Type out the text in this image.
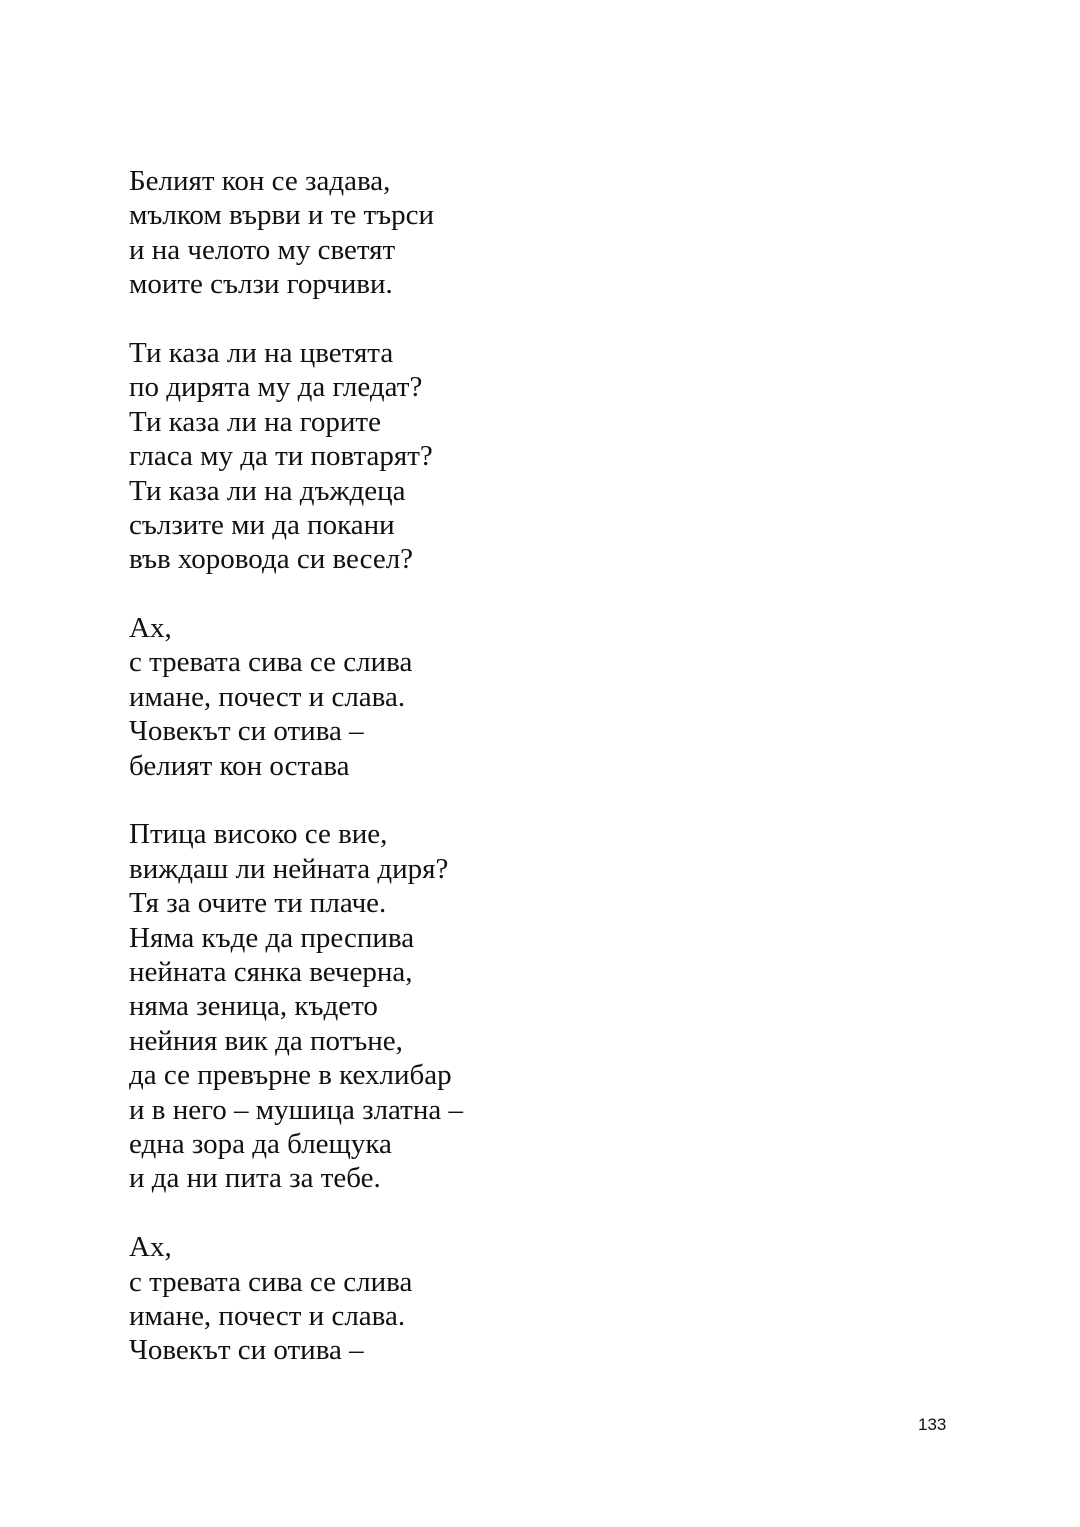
Белият кон се задава,
мълком върви и те търси
и на челото му светят
моите сълзи горчиви.
Ти каза ли на цветята
по дирята му да гледат?
Ти каза ли на горите
гласа му да ти повтарят?
Ти каза ли на дъждеца
сълзите ми да покани
във хоровода си весел?
Ах,
с тревата сива се слива
имане, почест и слава.
Човекът си отива –
белият кон остава
Птица високо се вие,
виждаш ли нейната диря?
Тя за очите ти плаче.
Няма къде да преспива
нейната сянка вечерна,
няма зеница, където
нейния вик да потъне,
да се превърне в кехлибар
и в него – мушица златна –
една зора да блещука
и да ни пита за тебе.
Ах,
с тревата сива се слива
имане, почест и слава.
Човекът си отива –
133
